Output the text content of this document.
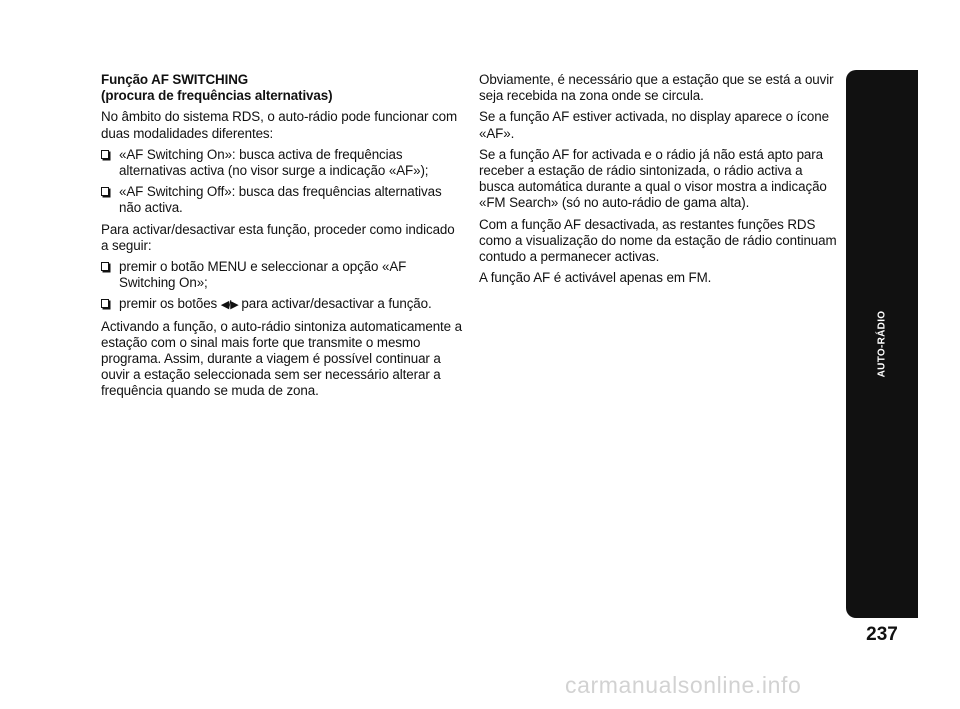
Função AF SWITCHING
(procura de frequências alternativas)

No âmbito do sistema RDS, o auto-rádio pode funcionar com duas modalidades diferentes:

«AF Switching On»: busca activa de frequências alternativas activa (no visor surge a indicação «AF»);
«AF Switching Off»: busca das frequências alternativas não activa.

Para activar/desactivar esta função, proceder como indicado a seguir:

premir o botão MENU e seleccionar a opção «AF Switching On»;
premir os botões ◀/▶ para activar/desactivar a função.

Activando a função, o auto-rádio sintoniza automaticamente a estação com o sinal mais forte que transmite o mesmo programa. Assim, durante a viagem é possível continuar a ouvir a estação seleccionada sem ser necessário alterar a frequência quando se muda de zona.

Obviamente, é necessário que a estação que se está a ouvir seja recebida na zona onde se circula.

Se a função AF estiver activada, no display aparece o ícone «AF».

Se a função AF for activada e o rádio já não está apto para receber a estação de rádio sintonizada, o rádio activa a busca automática durante a qual o visor mostra a indicação «FM Search» (só no auto-rádio de gama alta).

Com a função AF desactivada, as restantes funções RDS como a visualização do nome da estação de rádio continuam contudo a permanecer activas.

A função AF é activável apenas em FM.

AUTO-RÁDIO
237
carmanualsonline.info
